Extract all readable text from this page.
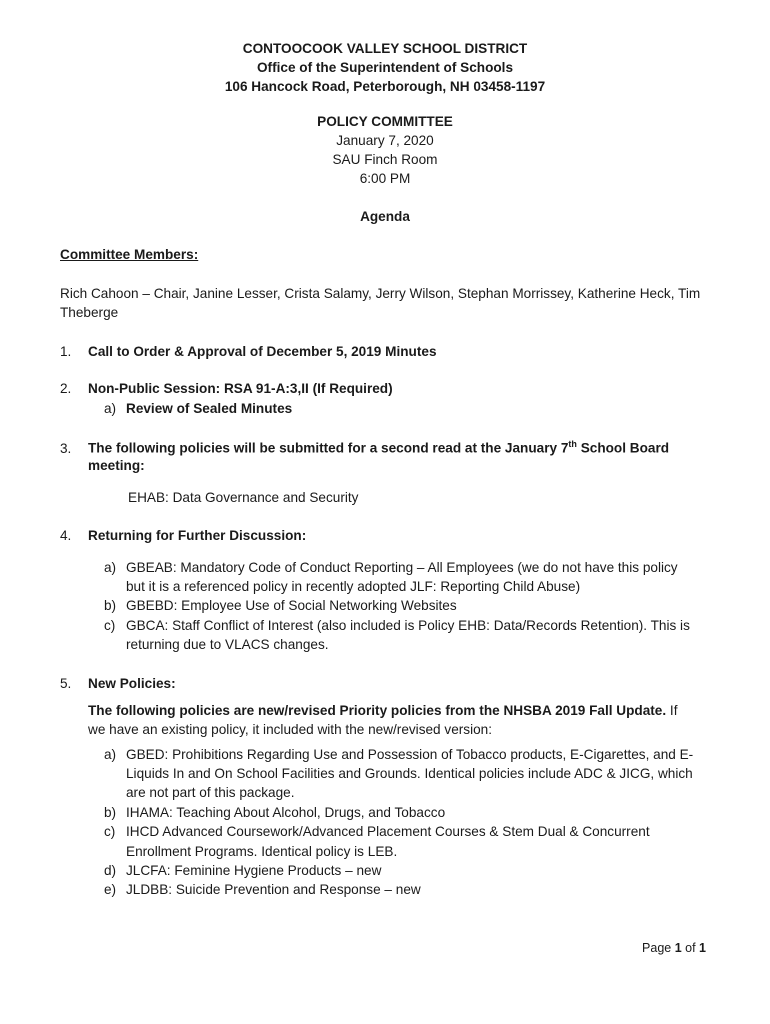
CONTOOCOOK VALLEY SCHOOL DISTRICT
Office of the Superintendent of Schools
106 Hancock Road, Peterborough, NH 03458-1197
POLICY COMMITTEE
January 7, 2020
SAU Finch Room
6:00 PM
Agenda
Committee Members:
Rich Cahoon – Chair, Janine Lesser, Crista Salamy, Jerry Wilson, Stephan Morrissey, Katherine Heck, Tim
Theberge
1. Call to Order & Approval of December 5, 2019 Minutes
2. Non-Public Session: RSA 91-A:3,II (If Required)
a) Review of Sealed Minutes
3. The following policies will be submitted for a second read at the January 7th School Board
meeting:
EHAB: Data Governance and Security
4. Returning for Further Discussion:
a) GBEAB: Mandatory Code of Conduct Reporting – All Employees (we do not have this policy
but it is a referenced policy in recently adopted JLF: Reporting Child Abuse)
b) GBEBD: Employee Use of Social Networking Websites
c) GBCA: Staff Conflict of Interest (also included is Policy EHB: Data/Records Retention). This is
returning due to VLACS changes.
5. New Policies:
The following policies are new/revised Priority policies from the NHSBA 2019 Fall Update. If
we have an existing policy, it included with the new/revised version:
a) GBED: Prohibitions Regarding Use and Possession of Tobacco products, E-Cigarettes, and E-
Liquids In and On School Facilities and Grounds. Identical policies include ADC & JICG, which
are not part of this package.
b) IHAMA: Teaching About Alcohol, Drugs, and Tobacco
c) IHCD Advanced Coursework/Advanced Placement Courses & Stem Dual & Concurrent
Enrollment Programs. Identical policy is LEB.
d) JLCFA: Feminine Hygiene Products – new
e) JLDBB: Suicide Prevention and Response – new
Page 1 of 1
